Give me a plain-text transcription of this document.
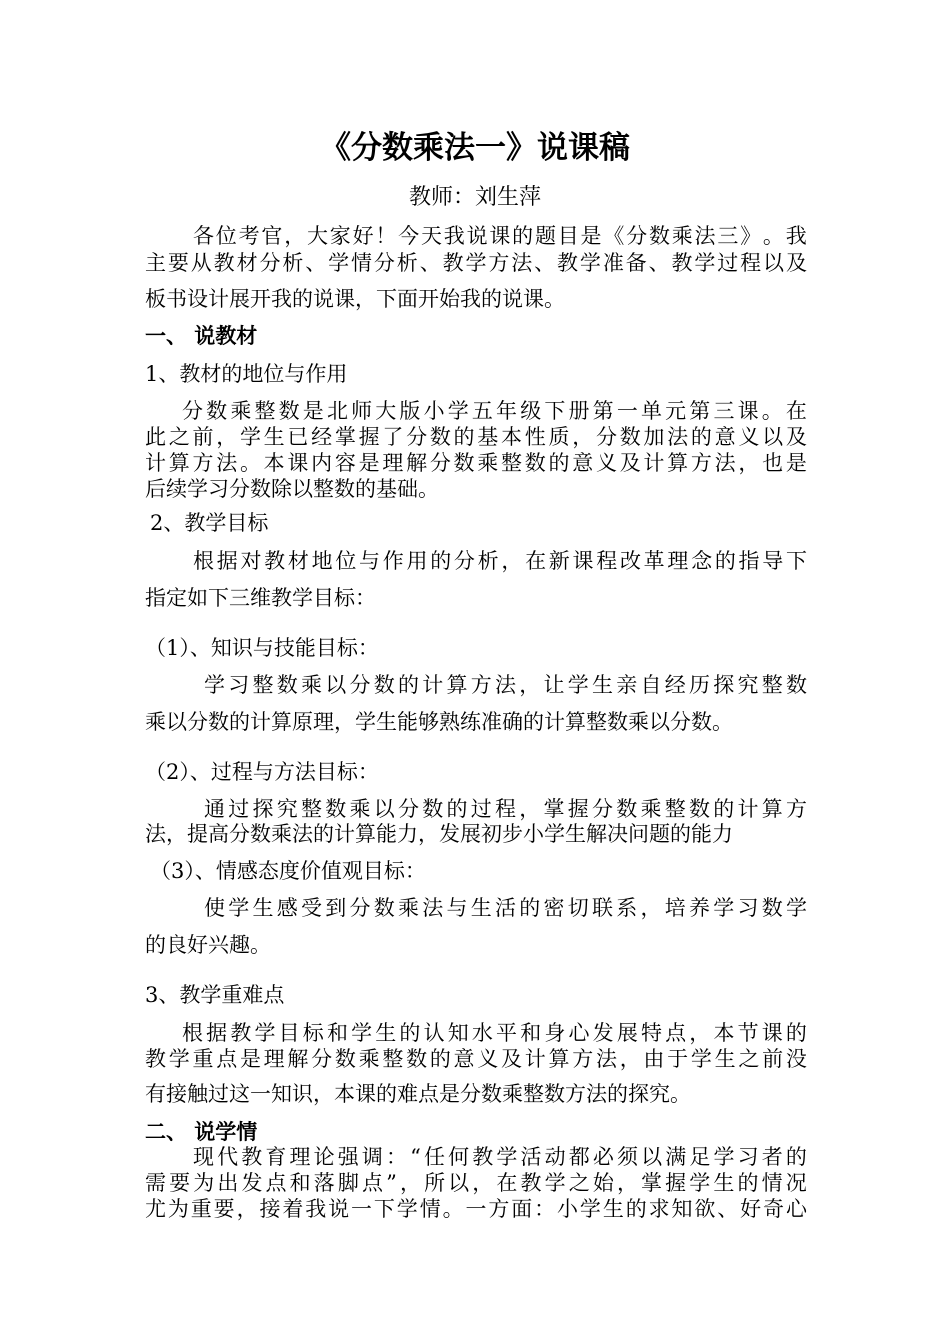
《分数乘法一》说课稿
教师：刘生萍
各 位 考 官 ， 大 家 好 ！ 今 天 我 说 课 的 题 目 是 《 分 数 乘 法 三 》 。 我
主 要 从 教 材 分 析 、 学 情 分 析 、 教 学 方 法 、 教 学 准 备 、 教 学 过 程 以 及
板书设计展开我的说课，下面开始我的说课。
一、 说教材
1、教材的地位与作用
分 数 乘 整 数 是 北 师 大 版 小 学 五 年 级 下 册 第 一 单 元 第 三 课 。 在
此 之 前 ， 学 生 已 经 掌 握 了 分 数 的 基 本 性 质 ， 分 数 加 法 的 意 义 以 及
计 算 方 法 。 本 课 内 容 是 理 解 分 数 乘 整 数 的 意 义 及 计 算 方 法 ， 也 是
后续学习分数除以整数的基础。
2、教学目标
根 据 对 教 材 地 位 与 作 用 的 分 析 ， 在 新 课 程 改 革 理 念 的 指 导 下
指定如下三维教学目标：
（1）、知识与技能目标：
学 习 整 数 乘 以 分 数 的 计 算 方 法 ， 让 学 生 亲 自 经 历 探 究 整 数
乘以分数的计算原理，学生能够熟练准确的计算整数乘以分数。
（2）、过程与方法目标：
通 过 探 究 整 数 乘 以 分 数 的 过 程 ， 掌 握 分 数 乘 整 数 的 计 算 方
法，提高分数乘法的计算能力，发展初步小学生解决问题的能力
（3）、情感态度价值观目标：
使 学 生 感 受 到 分 数 乘 法 与 生 活 的 密 切 联 系 ， 培 养 学 习 数 学
的良好兴趣。
3、教学重难点
根 据 教 学 目 标 和 学 生 的 认 知 水 平 和 身 心 发 展 特 点 ， 本 节 课 的
教 学 重 点 是 理 解 分 数 乘 整 数 的 意 义 及 计 算 方 法 ， 由 于 学 生 之 前 没
有接触过这一知识，本课的难点是分数乘整数方法的探究。
二、 说学情
现 代 教 育 理 论 强 调 ： “ 任 何 教 学 活 动 都 必 须 以 满 足 学 习 者 的
需 要 为 出 发 点 和 落 脚 点 ” ， 所 以 ， 在 教 学 之 始 ， 掌 握 学 生 的 情 况
尤 为 重 要 ， 接 着 我 说 一 下 学 情 。 一 方 面 ： 小 学 生 的 求 知 欲 、 好 奇 心
